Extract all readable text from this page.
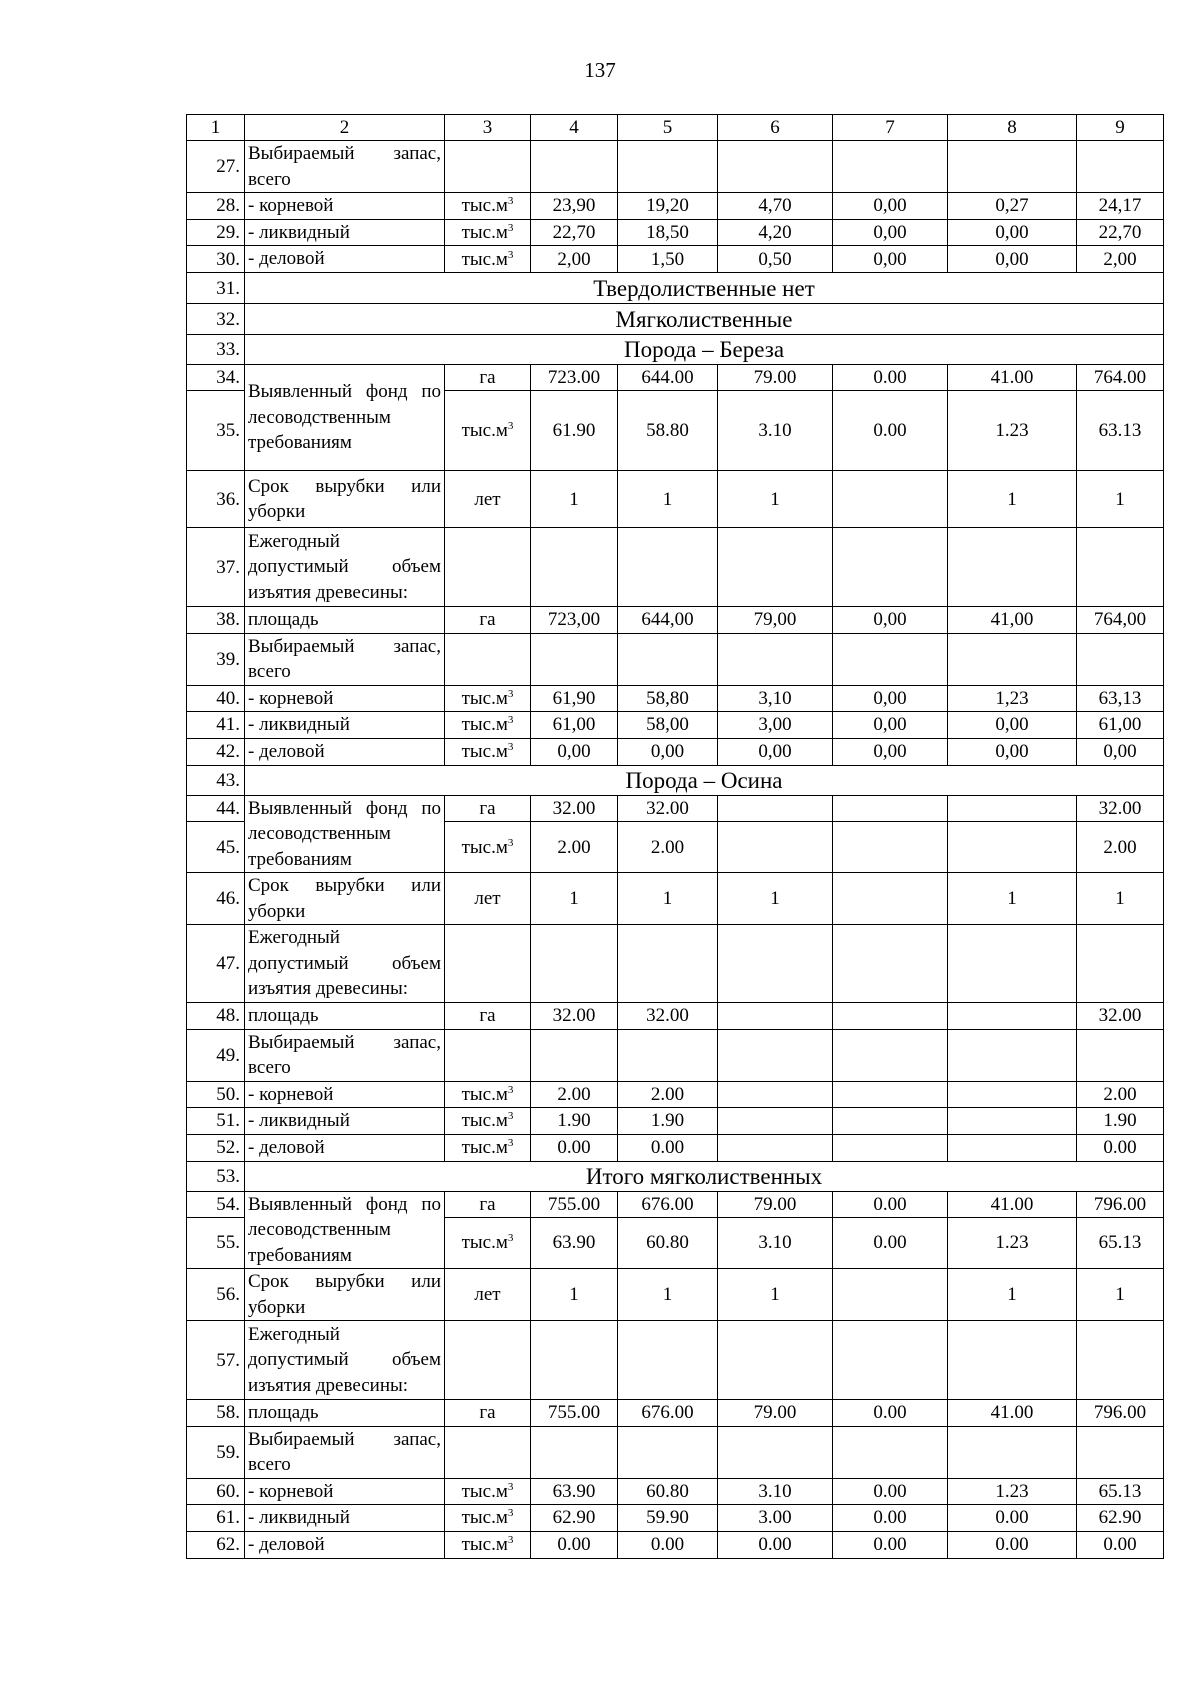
137
1	2	3	4	5	6	7	8	9
27.	Выбираемый запас, всего							
28.	- корневой	$тыс.м^3$	23,90	19,20	4,70	0,00	0,27	24,17
29.	- ликвидный	$тыс.м^3$	22,70	18,50	4,20	0,00	0,00	22,70
30.	- деловой	$тыс.м^3$	2,00	1,50	0,50	0,00	0,00	2,00
31.	Твердолиственные нет							
32.	Мягколиственные							
33.	Порода – Береза							
34.	Выявленный фонд по лесоводственным требованиям	га	723.00	644.00	79.00	0.00	41.00	764.00
35.		$тыс.м^3$	61.90	58.80	3.10	0.00	1.23	63.13
36.	Срок вырубки или уборки	лет	1	1	1		1	1
37.	Ежегодный допустимый объем изъятия древесины:							
38.	площадь	га	723,00	644,00	79,00	0,00	41,00	764,00
39.	Выбираемый запас, всего							
40.	- корневой	$тыс.м^3$	61,90	58,80	3,10	0,00	1,23	63,13
41.	- ликвидный	$тыс.м^3$	61,00	58,00	3,00	0,00	0,00	61,00
42.	- деловой	$тыс.м^3$	0,00	0,00	0,00	0,00	0,00	0,00
43.	Порода – Осина							
44.	Выявленный фонд по лесоводственным требованиям	га	32.00	32.00				32.00
45.		$тыс.м^3$	2.00	2.00				2.00
46.	Срок вырубки или уборки	лет	1	1	1		1	1
47.	Ежегодный допустимый объем изъятия древесины:							
48.	площадь	га	32.00	32.00				32.00
49.	Выбираемый запас, всего							
50.	- корневой	$тыс.м^3$	2.00	2.00				2.00
51.	- ликвидный	$тыс.м^3$	1.90	1.90				1.90
52.	- деловой	$тыс.м^3$	0.00	0.00				0.00
53.	Итого мягколиственных							
54.	Выявленный фонд по лесоводственным требованиям	га	755.00	676.00	79.00	0.00	41.00	796.00
55.		$тыс.м^3$	63.90	60.80	3.10	0.00	1.23	65.13
56.	Срок вырубки или уборки	лет	1	1	1		1	1
57.	Ежегодный допустимый объем изъятия древесины:							
58.	площадь	га	755.00	676.00	79.00	0.00	41.00	796.00
59.	Выбираемый запас, всего							
60.	- корневой	$тыс.м^3$	63.90	60.80	3.10	0.00	1.23	65.13
61.	- ликвидный	$тыс.м^3$	62.90	59.90	3.00	0.00	0.00	62.90
62.	- деловой	$тыс.м^3$	0.00	0.00	0.00	0.00	0.00	0.00
